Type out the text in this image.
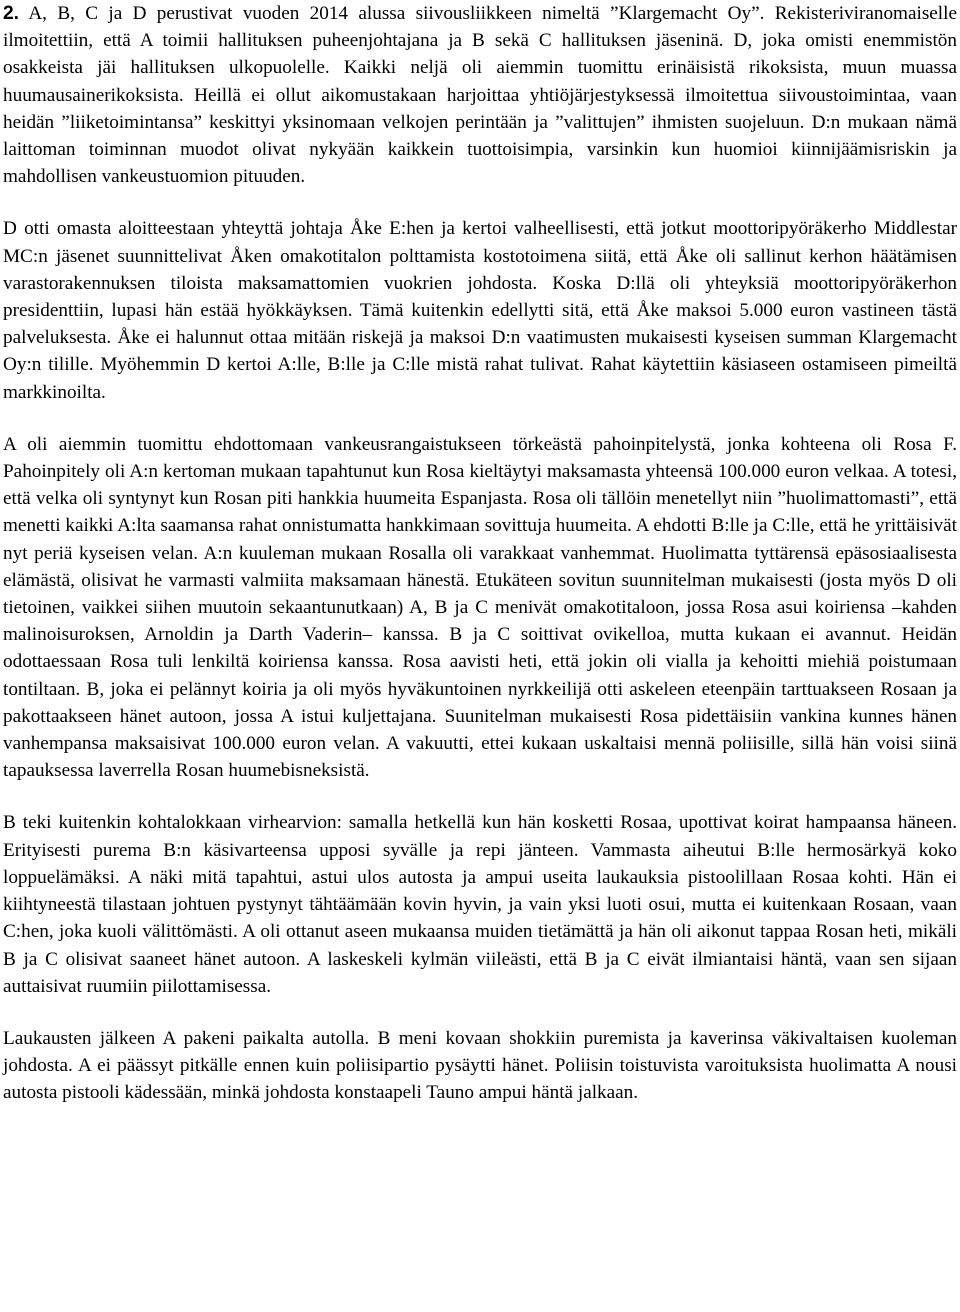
2. A, B, C ja D perustivat vuoden 2014 alussa siivousliikkeen nimeltä ”Klargemacht Oy”. Rekisteriviranomaiselle ilmoitettiin, että A toimii hallituksen puheenjohtajana ja B sekä C hallituksen jäseninä. D, joka omisti enemmistön osakkeista jäi hallituksen ulkopuolelle. Kaikki neljä oli aiemmin tuomittu erinäisistä rikoksista, muun muassa huumausainerikoksista. Heillä ei ollut aikomustakaan harjoittaa yhtiöjärjestyksessä ilmoitettua siivoustoimintaa, vaan heidän ”liiketoimintansa” keskittyi yksinomaan velkojen perintään ja ”valittujen” ihmisten suojeluun. D:n mukaan nämä laittoman toiminnan muodot olivat nykyään kaikkein tuottoisimpia, varsinkin kun huomioi kiinnijäämisriskin ja mahdollisen vankeustuomion pituuden.

D otti omasta aloitteestaan yhteyttä johtaja Åke E:hen ja kertoi valheellisesti, että jotkut moottoripyöräkerho Middlestar MC:n jäsenet suunnittelivat Åken omakotitalon polttamista kostotoimena siitä, että Åke oli sallinut kerhon häätämisen varastorakennuksen tiloista maksamattomien vuokrien johdosta. Koska D:llä oli yhteyksiä moottoripyöräkerhon presidenttiin, lupasi hän estää hyökkäyksen. Tämä kuitenkin edellytti sitä, että Åke maksoi 5.000 euron vastineen tästä palveluksesta. Åke ei halunnut ottaa mitään riskejä ja maksoi D:n vaatimusten mukaisesti kyseisen summan Klargemacht Oy:n tilille. Myöhemmin D kertoi A:lle, B:lle ja C:lle mistä rahat tulivat. Rahat käytettiin käsiaseen ostamiseen pimeiltä markkinoilta.

A oli aiemmin tuomittu ehdottomaan vankeusrangaistukseen törkeästä pahoinpitelystä, jonka kohteena oli Rosa F. Pahoinpitely oli A:n kertoman mukaan tapahtunut kun Rosa kieltäytyi maksamasta yhteensä 100.000 euron velkaa. A totesi, että velka oli syntynyt kun Rosan piti hankkia huumeita Espanjasta. Rosa oli tällöin menetellyt niin ”huolimattomasti”, että menetti kaikki A:lta saamansa rahat onnistumatta hankkimaan sovittuja huumeita. A ehdotti B:lle ja C:lle, että he yrittäisivät nyt periä kyseisen velan. A:n kuuleman mukaan Rosalla oli varakkaat vanhemmat. Huolimatta tyttärensä epäsosiaalisesta elämästä, olisivat he varmasti valmiita maksamaan hänestä. Etukäteen sovitun suunnitelman mukaisesti (josta myös D oli tietoinen, vaikkei siihen muutoin sekaantunutkaan) A, B ja C menivät omakotitaloon, jossa Rosa asui koiriensa –kahden malinoisuroksen, Arnoldin ja Darth Vaderin– kanssa. B ja C soittivat ovikelloa, mutta kukaan ei avannut. Heidän odottaessaan Rosa tuli lenkiltä koiriensa kanssa. Rosa aavisti heti, että jokin oli vialla ja kehoitti miehiä poistumaan tontiltaan. B, joka ei pelännyt koiria ja oli myös hyväkuntoinen nyrkkeilijä otti askeleen eteenpäin tarttuakseen Rosaan ja pakottaakseen hänet autoon, jossa A istui kuljettajana. Suunitelman mukaisesti Rosa pidettäisiin vankina kunnes hänen vanhempansa maksaisivat 100.000 euron velan. A vakuutti, ettei kukaan uskaltaisi mennä poliisille, sillä hän voisi siinä tapauksessa laverrella Rosan huumebisneksistä.

B teki kuitenkin kohtalokkaan virhearvion: samalla hetkellä kun hän kosketti Rosaa, upottivat koirat hampaansa häneen. Erityisesti purema B:n käsivarteensa upposi syvälle ja repi jänteen. Vammasta aiheutui B:lle hermosärkyä koko loppuelämäksi. A näki mitä tapahtui, astui ulos autosta ja ampui useita laukauksia pistoolillaan Rosaa kohti. Hän ei kiihtyneestä tilastaan johtuen pystynyt tähtäämään kovin hyvin, ja vain yksi luoti osui, mutta ei kuitenkaan Rosaan, vaan C:hen, joka kuoli välittömästi. A oli ottanut aseen mukaansa muiden tietämättä ja hän oli aikonut tappaa Rosan heti, mikäli B ja C olisivat saaneet hänet autoon. A laskeskeli kylmän viileästi, että B ja C eivät ilmiantaisi häntä, vaan sen sijaan auttaisivat ruumiin piilottamisessa.

Laukausten jälkeen A pakeni paikalta autolla. B meni kovaan shokkiin puremista ja kaverinsa väkivaltaisen kuoleman johdosta. A ei päässyt pitkälle ennen kuin poliisipartio pysäytti hänet. Poliisin toistuvista varoituksista huolimatta A nousi autosta pistooli kädessään, minkä johdosta konstaapeli Tauno ampui häntä jalkaan.
